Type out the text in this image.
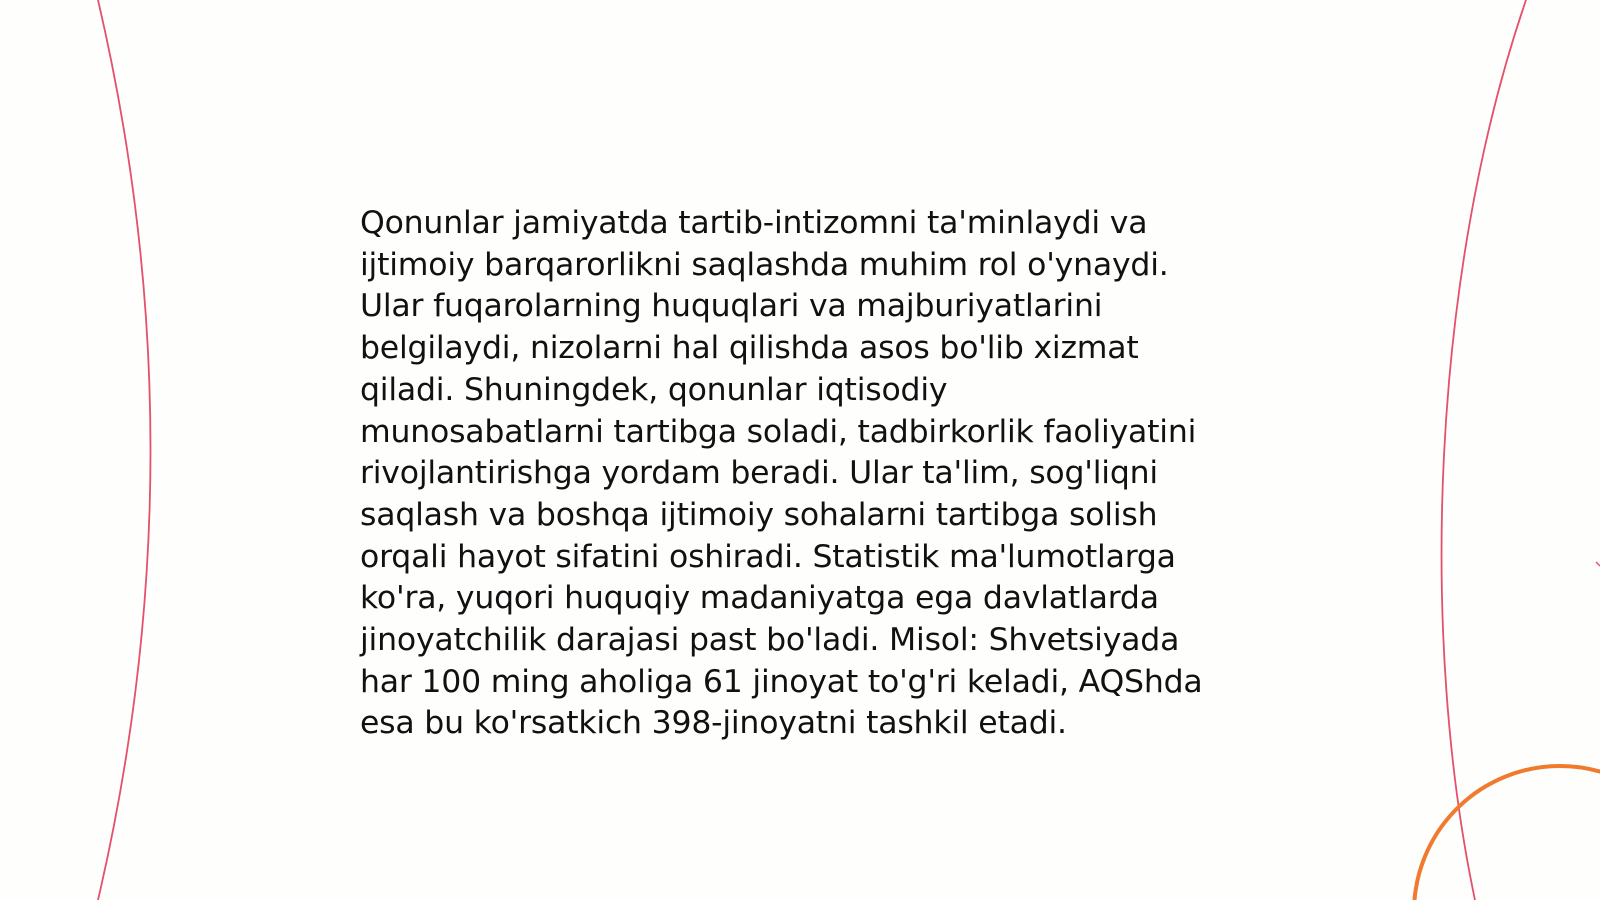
Qonunlar jamiyatda tartib-intizomni ta'minlaydi va
ijtimoiy barqarorlikni saqlashda muhim rol o'ynaydi.
Ular fuqarolarning huquqlari va majburiyatlarini
belgilaydi, nizolarni hal qilishda asos bo'lib xizmat
qiladi. Shuningdek, qonunlar iqtisodiy
munosabatlarni tartibga soladi, tadbirkorlik faoliyatini
rivojlantirishga yordam beradi. Ular ta'lim, sog'liqni
saqlash va boshqa ijtimoiy sohalarni tartibga solish
orqali hayot sifatini oshiradi. Statistik ma'lumotlarga
ko'ra, yuqori huquqiy madaniyatga ega davlatlarda
jinoyatchilik darajasi past bo'ladi. Misol: Shvetsiyada
har 100 ming aholiga 61 jinoyat to'g'ri keladi, AQShda
esa bu ko'rsatkich 398-jinoyatni tashkil etadi.
